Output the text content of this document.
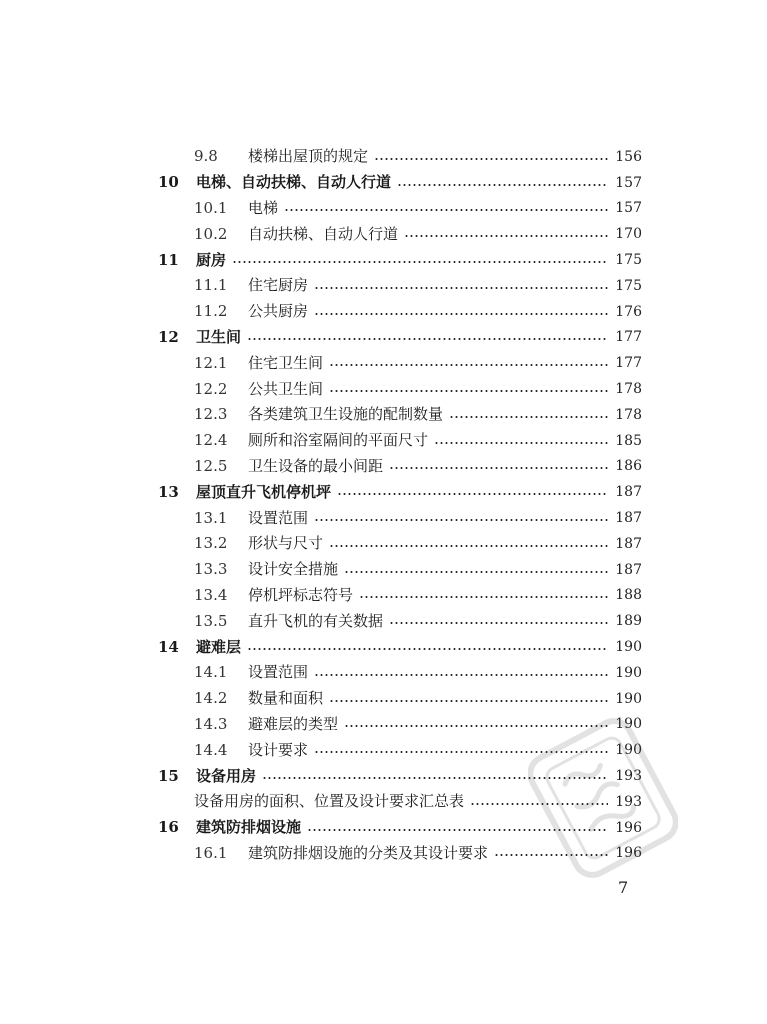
9.8	楼梯出屋顶的规定	156
10	电梯、自动扶梯、自动人行道	157
10.1	电梯	157
10.2	自动扶梯、自动人行道	170
11	厨房	175
11.1	住宅厨房	175
11.2	公共厨房	176
12	卫生间	177
12.1	住宅卫生间	177
12.2	公共卫生间	178
12.3	各类建筑卫生设施的配制数量	178
12.4	厕所和浴室隔间的平面尺寸	185
12.5	卫生设备的最小间距	186
13	屋顶直升飞机停机坪	187
13.1	设置范围	187
13.2	形状与尺寸	187
13.3	设计安全措施	187
13.4	停机坪标志符号	188
13.5	直升飞机的有关数据	189
14	避难层	190
14.1	设置范围	190
14.2	数量和面积	190
14.3	避难层的类型	190
14.4	设计要求	190
15	设备用房	193
设备用房的面积、位置及设计要求汇总表	193
16	建筑防排烟设施	196
16.1	建筑防排烟设施的分类及其设计要求	196
7
